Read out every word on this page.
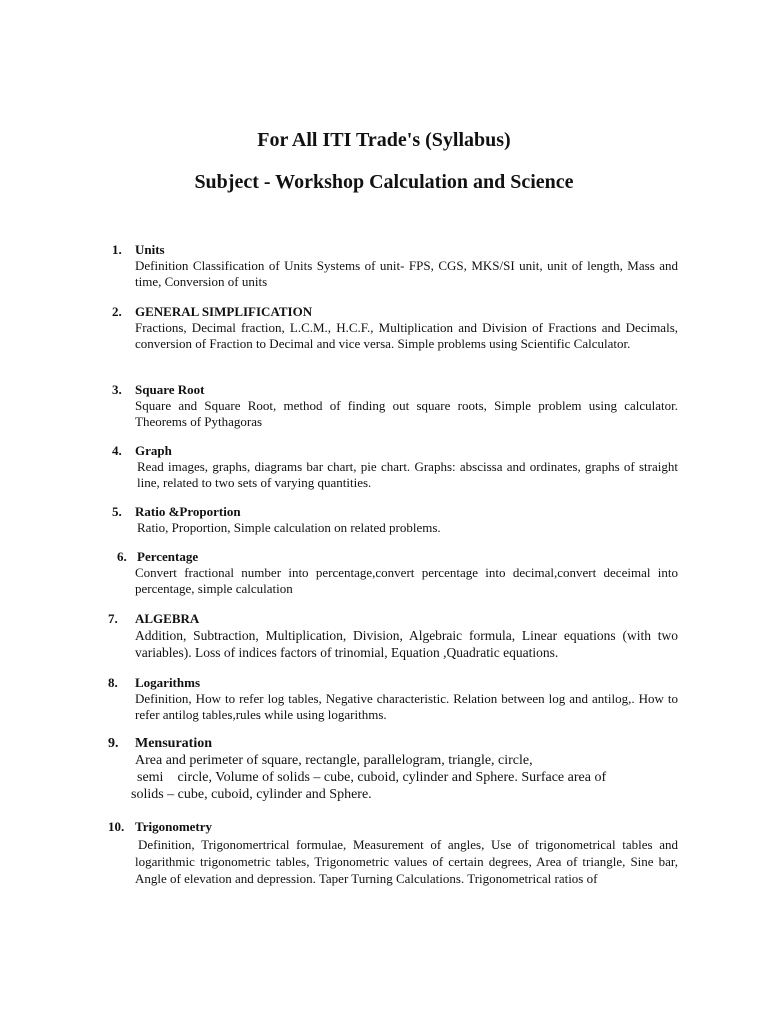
For All ITI Trade's (Syllabus)
Subject - Workshop Calculation and Science
1. Units
Definition Classification of Units Systems of unit- FPS, CGS, MKS/SI unit, unit of length, Mass and time, Conversion of units
2. GENERAL SIMPLIFICATION
Fractions, Decimal fraction, L.C.M., H.C.F., Multiplication and Division of Fractions and Decimals, conversion of Fraction to Decimal and vice versa. Simple problems using Scientific Calculator.
3. Square Root
Square and Square Root, method of finding out square roots, Simple problem using calculator. Theorems of Pythagoras
4. Graph
Read images, graphs, diagrams bar chart, pie chart. Graphs: abscissa and ordinates, graphs of straight line, related to two sets of varying quantities.
5. Ratio &Proportion
Ratio, Proportion, Simple calculation on related problems.
6. Percentage
Convert fractional number into percentage,convert percentage into decimal,convert deceimal into percentage, simple calculation
7. ALGEBRA
Addition, Subtraction, Multiplication, Division, Algebraic formula, Linear equations (with two variables). Loss of indices factors of trinomial, Equation ,Quadratic equations.
8. Logarithms
Definition, How to refer log tables, Negative characteristic. Relation between log and antilog,. How to refer antilog tables,rules while using logarithms.
9. Mensuration
Area and perimeter of square, rectangle, parallelogram, triangle, circle,
semi    circle, Volume of solids – cube, cuboid, cylinder and Sphere. Surface area of
solids – cube, cuboid, cylinder and Sphere.
10. Trigonometry
Definition, Trigonomertrical formulae, Measurement of angles, Use of trigonometrical tables and logarithmic trigonometric tables, Trigonometric values of certain degrees, Area of triangle, Sine bar, Angle of elevation and depression. Taper Turning Calculations. Trigonometrical ratios of
